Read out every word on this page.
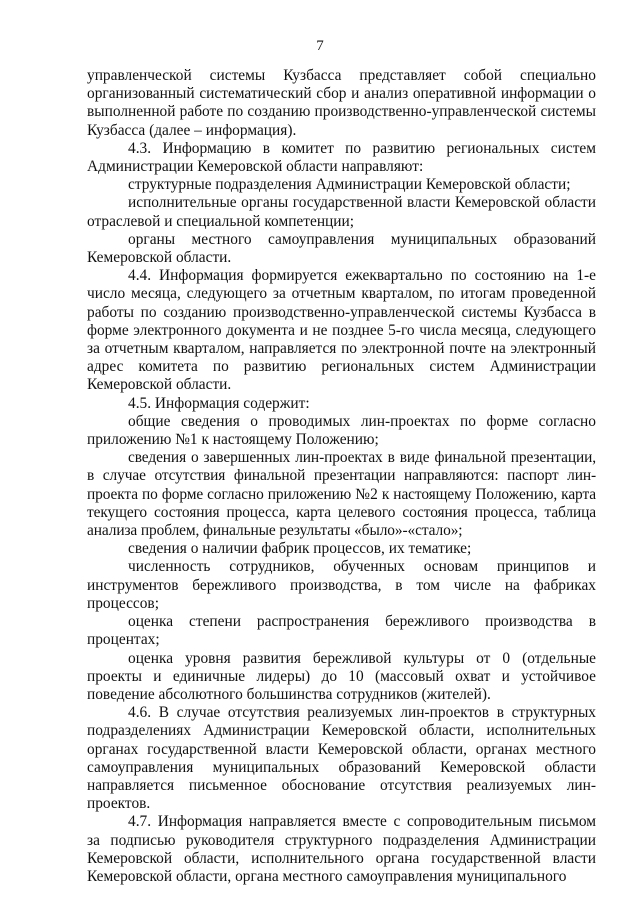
7

управленческой системы Кузбасса представляет собой специально организованный систематический сбор и анализ оперативной информации о выполненной работе по созданию производственно-управленческой системы Кузбасса (далее – информация).

4.3. Информацию в комитет по развитию региональных систем Администрации Кемеровской области направляют:

структурные подразделения Администрации Кемеровской области;

исполнительные органы государственной власти Кемеровской области отраслевой и специальной компетенции;

органы местного самоуправления муниципальных образований Кемеровской области.

4.4. Информация формируется ежеквартально по состоянию на 1-е число месяца, следующего за отчетным кварталом, по итогам проведенной работы по созданию производственно-управленческой системы Кузбасса в форме электронного документа и не позднее 5-го числа месяца, следующего за отчетным кварталом, направляется по электронной почте на электронный адрес комитета по развитию региональных систем Администрации Кемеровской области.

4.5. Информация содержит:

общие сведения о проводимых лин-проектах по форме согласно приложению №1 к настоящему Положению;

сведения о завершенных лин-проектах в виде финальной презентации, в случае отсутствия финальной презентации направляются: паспорт лин-проекта по форме согласно приложению №2 к настоящему Положению, карта текущего состояния процесса, карта целевого состояния процесса, таблица анализа проблем, финальные результаты «было»-«стало»;

сведения о наличии фабрик процессов, их тематике;

численность сотрудников, обученных основам принципов и инструментов бережливого производства, в том числе на фабриках процессов;

оценка степени распространения бережливого производства в процентах;

оценка уровня развития бережливой культуры от 0 (отдельные проекты и единичные лидеры) до 10 (массовый охват и устойчивое поведение абсолютного большинства сотрудников (жителей).

4.6. В случае отсутствия реализуемых лин-проектов в структурных подразделениях Администрации Кемеровской области, исполнительных органах государственной власти Кемеровской области, органах местного самоуправления муниципальных образований Кемеровской области направляется письменное обоснование отсутствия реализуемых лин-проектов.

4.7. Информация направляется вместе с сопроводительным письмом за подписью руководителя структурного подразделения Администрации Кемеровской области, исполнительного органа государственной власти Кемеровской области, органа местного самоуправления муниципального
